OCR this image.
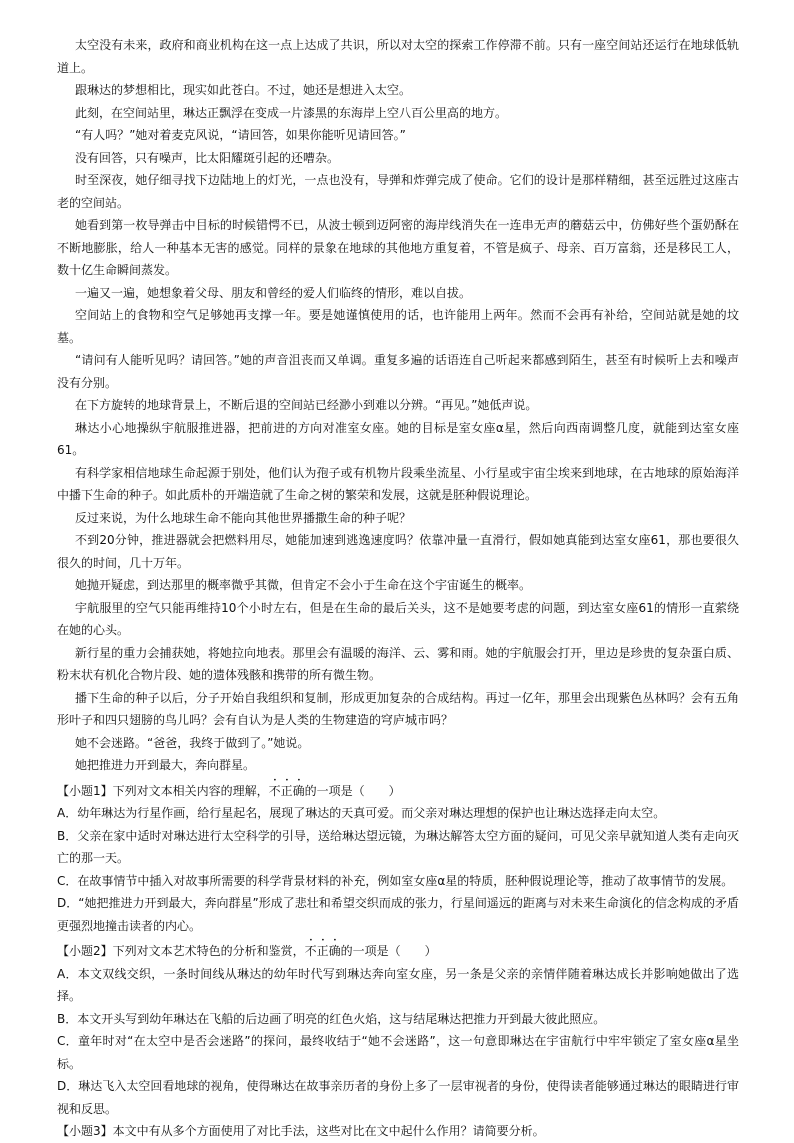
太空没有未来，政府和商业机构在这一点上达成了共识，所以对太空的探索工作停滞不前。只有一座空间站还运行在地球低轨道上。

跟琳达的梦想相比，现实如此苍白。不过，她还是想进入太空。

此刻，在空间站里，琳达正飘浮在变成一片漆黑的东海岸上空八百公里高的地方。

“有人吗？”她对着麦克风说，“请回答，如果你能听见请回答。”

没有回答，只有噪声，比太阳耀斑引起的还嘈杂。

时至深夜，她仔细寻找下边陆地上的灯光，一点也没有，导弹和炸弹完成了使命。它们的设计是那样精细，甚至远胜过这座古老的空间站。

她看到第一枚导弹击中目标的时候错愕不已，从波士顿到迈阿密的海岸线消失在一连串无声的蘑菇云中，仿佛好些个蛋奶酥在不断地膨胀，给人一种基本无害的感觉。同样的景象在地球的其他地方重复着，不管是疯子、母亲、百万富翁，还是移民工人，数十亿生命瞬间蒸发。

一遍又一遍，她想象着父母、朋友和曾经的爱人们临终的情形，难以自拔。

空间站上的食物和空气足够她再支撑一年。要是她谨慎使用的话，也许能用上两年。然而不会再有补给，空间站就是她的坟墓。

“请问有人能听见吗？请回答。”她的声音沮丧而又单调。重复多遍的话语连自己听起来都感到陌生，甚至有时候听上去和噪声没有分别。

在下方旋转的地球背景上，不断后退的空间站已经渺小到难以分辨。“再见。”她低声说。

琳达小心地操纵宇航服推进器，把前进的方向对准室女座。她的目标是室女座α星，然后向西南调整几度，就能到达室女座61。

有科学家相信地球生命起源于别处，他们认为孢子或有机物片段乘坐流星、小行星或宇宙尘埃来到地球，在古地球的原始海洋中播下生命的种子。如此质朴的开端造就了生命之树的繁荣和发展，这就是胚种假说理论。

反过来说，为什么地球生命不能向其他世界播撒生命的种子呢？

不到20分钟，推进器就会把燃料用尽，她能加速到逃逸速度吗？依靠冲量一直滑行，假如她真能到达室女座61，那也要很久很久的时间，几十万年。

她抛开疑虑，到达那里的概率微乎其微，但肯定不会小于生命在这个宇宙诞生的概率。

宇航服里的空气只能再维持10个小时左右，但是在生命的最后关头，这不是她要考虑的问题，到达室女座61的情形一直萦绕在她的心头。

新行星的重力会捕获她，将她拉向地表。那里会有温暖的海洋、云、雾和雨。她的宇航服会打开，里边是珍贵的复杂蛋白质、粉末状有机化合物片段、她的遗体残骸和携带的所有微生物。

播下生命的种子以后，分子开始自我组织和复制，形成更加复杂的合成结构。再过一亿年，那里会出现紫色丛林吗？会有五角形叶子和四只翅膀的鸟儿吗？会有自认为是人类的生物建造的穹庐城市吗？

她不会迷路。“爸爸，我终于做到了。”她说。

她把推进力开到最大，奔向群星。

【小题1】下列对文本相关内容的理解，不正确的一项是（　　）

A．幼年琳达为行星作画，给行星起名，展现了琳达的天真可爱。而父亲对琳达理想的保护也让琳达选择走向太空。

B．父亲在家中适时对琳达进行太空科学的引导，送给琳达望远镜，为琳达解答太空方面的疑问，可见父亲早就知道人类有走向灭亡的那一天。

C．在故事情节中插入对故事所需要的科学背景材料的补充，例如室女座α星的特质，胚种假说理论等，推动了故事情节的发展。

D．“她把推进力开到最大，奔向群星”形成了悲壮和希望交织而成的张力，行星间遥远的距离与对未来生命演化的信念构成的矛盾更强烈地撞击读者的内心。

【小题2】下列对文本艺术特色的分析和鉴赏，不正确的一项是（　　）

A．本文双线交织，一条时间线从琳达的幼年时代写到琳达奔向室女座，另一条是父亲的亲情伴随着琳达成长并影响她做出了选择。

B．本文开头写到幼年琳达在飞船的后边画了明亮的红色火焰，这与结尾琳达把推力开到最大彼此照应。

C．童年时对“在太空中是否会迷路”的探问，最终收结于“她不会迷路”，这一句意即琳达在宇宙航行中牢牢锁定了室女座α星坐标。

D．琳达飞入太空回看地球的视角，使得琳达在故事亲历者的身份上多了一层审视者的身份，使得读者能够通过琳达的眼睛进行审视和反思。

【小题3】本文中有从多个方面使用了对比手法，这些对比在文中起什么作用？请简要分析。
